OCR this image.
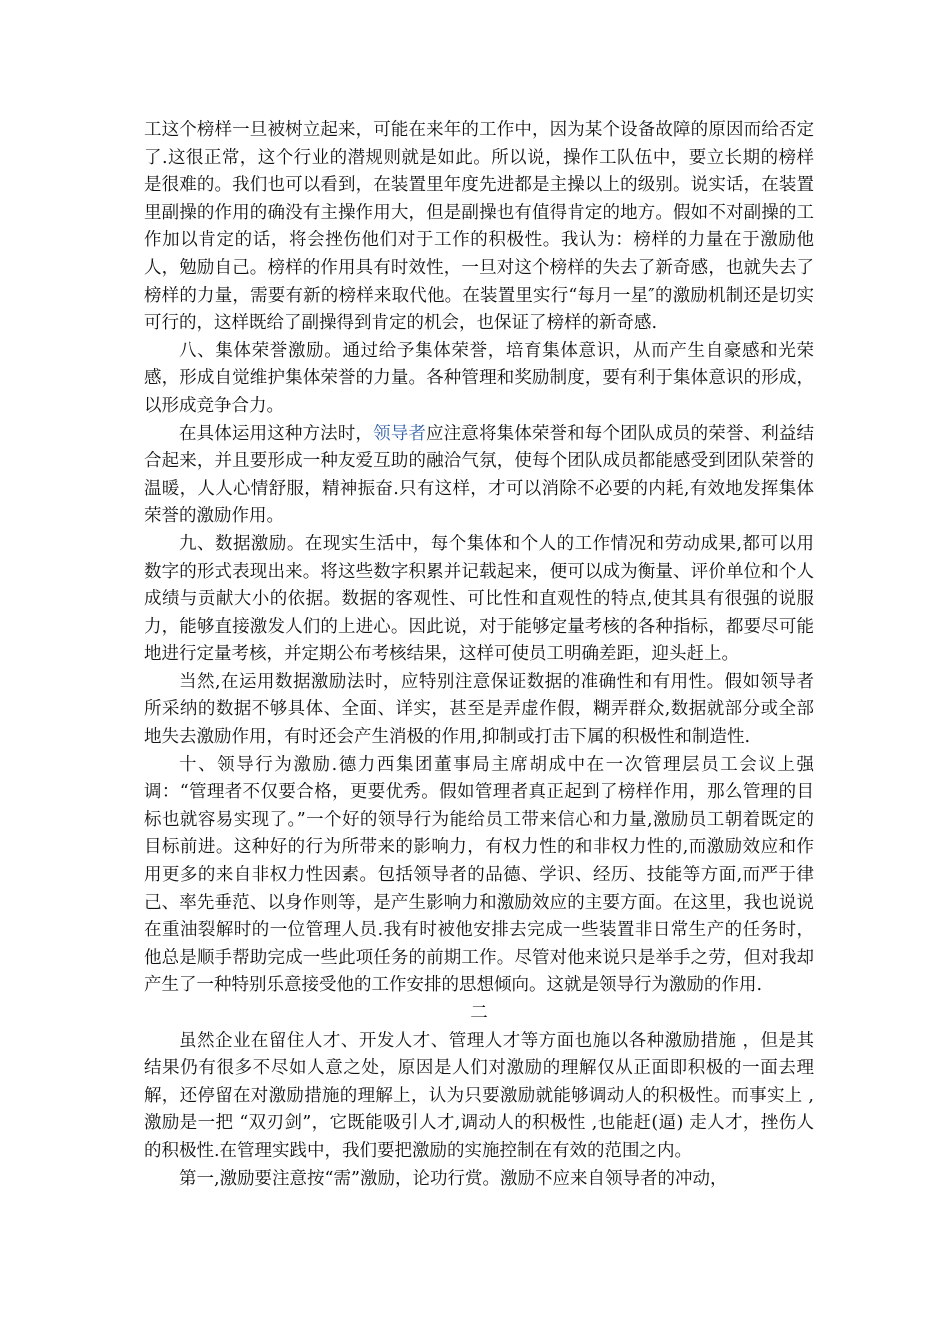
工这个榜样一旦被树立起来，可能在来年的工作中，因为某个设备故障的原因而给否定了.这很正常，这个行业的潜规则就是如此。所以说，操作工队伍中，要立长期的榜样是很难的。我们也可以看到，在装置里年度先进都是主操以上的级别。说实话，在装置里副操的作用的确没有主操作用大，但是副操也有值得肯定的地方。假如不对副操的工作加以肯定的话，将会挫伤他们对于工作的积极性。我认为：榜样的力量在于激励他人，勉励自己。榜样的作用具有时效性，一旦对这个榜样的失去了新奇感，也就失去了榜样的力量，需要有新的榜样来取代他。在装置里实行“每月一星″的激励机制还是切实可行的，这样既给了副操得到肯定的机会，也保证了榜样的新奇感.

八、集体荣誉激励。通过给予集体荣誉，培育集体意识，从而产生自豪感和光荣感，形成自觉维护集体荣誉的力量。各种管理和奖励制度，要有利于集体意识的形成，以形成竞争合力。

在具体运用这种方法时，领导者应注意将集体荣誉和每个团队成员的荣誉、利益结合起来，并且要形成一种友爱互助的融洽气氛，使每个团队成员都能感受到团队荣誉的温暖，人人心情舒服，精神振奋.只有这样，才可以消除不必要的内耗,有效地发挥集体荣誉的激励作用。

九、数据激励。在现实生活中，每个集体和个人的工作情况和劳动成果,都可以用数字的形式表现出来。将这些数字积累并记载起来，便可以成为衡量、评价单位和个人成绩与贡献大小的依据。数据的客观性、可比性和直观性的特点,使其具有很强的说服力，能够直接激发人们的上进心。因此说，对于能够定量考核的各种指标，都要尽可能地进行定量考核，并定期公布考核结果，这样可使员工明确差距，迎头赶上。

当然,在运用数据激励法时，应特别注意保证数据的准确性和有用性。假如领导者所采纳的数据不够具体、全面、详实，甚至是弄虚作假，糊弄群众,数据就部分或全部地失去激励作用，有时还会产生消极的作用,抑制或打击下属的积极性和制造性.

十、领导行为激励.德力西集团董事局主席胡成中在一次管理层员工会议上强调：“管理者不仅要合格，更要优秀。假如管理者真正起到了榜样作用，那么管理的目标也就容易实现了。”一个好的领导行为能给员工带来信心和力量,激励员工朝着既定的目标前进。这种好的行为所带来的影响力，有权力性的和非权力性的,而激励效应和作用更多的来自非权力性因素。包括领导者的品德、学识、经历、技能等方面,而严于律己、率先垂范、以身作则等，是产生影响力和激励效应的主要方面。在这里，我也说说在重油裂解时的一位管理人员.我有时被他安排去完成一些装置非日常生产的任务时，他总是顺手帮助完成一些此项任务的前期工作。尽管对他来说只是举手之劳，但对我却产生了一种特别乐意接受他的工作安排的思想倾向。这就是领导行为激励的作用.

二

虽然企业在留住人才、开发人才、管理人才等方面也施以各种激励措施 ，但是其结果仍有很多不尽如人意之处，原因是人们对激励的理解仅从正面即积极的一面去理解，还停留在对激励措施的理解上，认为只要激励就能够调动人的积极性。而事实上 ,激励是一把 “双刃剑”，它既能吸引人才,调动人的积极性 ,也能赶(逼) 走人才，挫伤人的积极性.在管理实践中，我们要把激励的实施控制在有效的范围之内。

第一,激励要注意按“需”激励，论功行赏。激励不应来自领导者的冲动，
